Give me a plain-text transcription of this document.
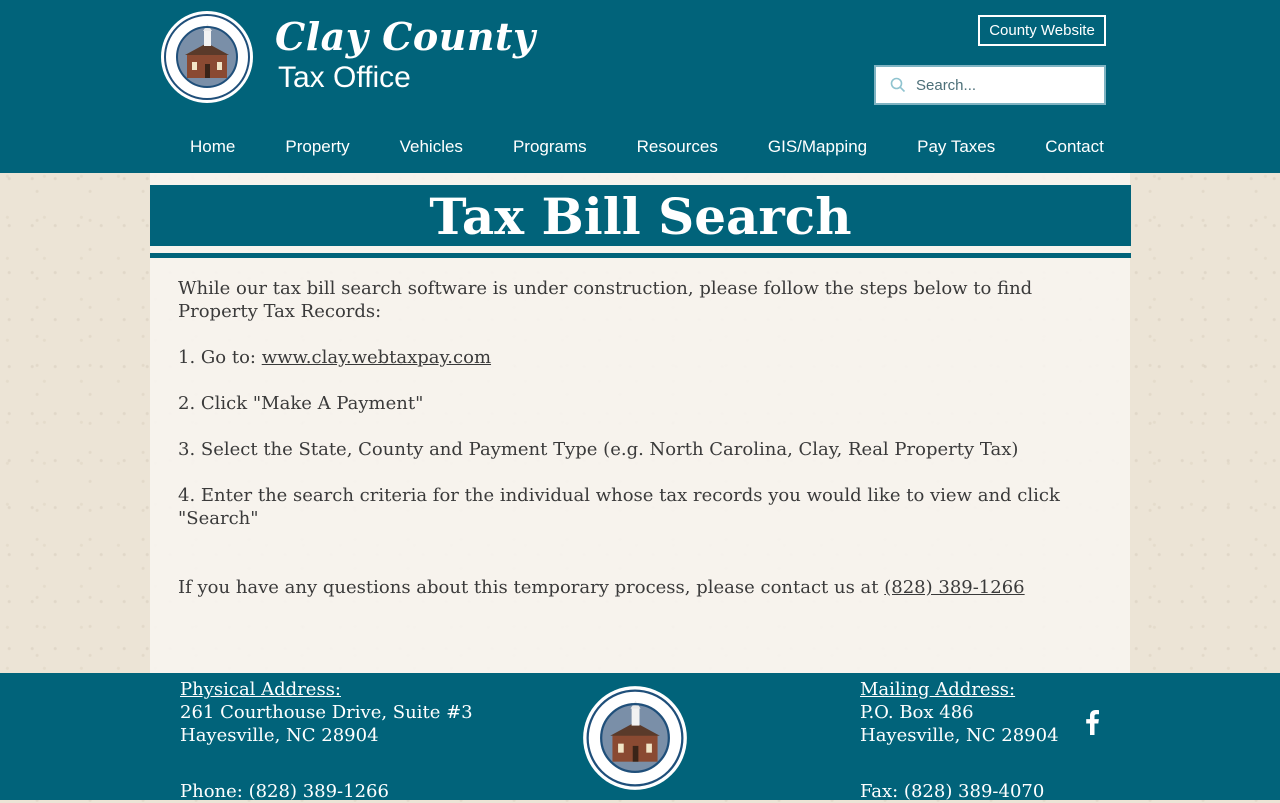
Clay County
Tax Office
County Website
Search...
Home	Property	Vehicles	Programs	Resources	GIS/Mapping	Pay Taxes	Contact
Tax Bill Search

While our tax bill search software is under construction, please follow the steps below to find Property Tax Records:

1. Go to: www.clay.webtaxpay.com

2. Click "Make A Payment"

3. Select the State, County and Payment Type (e.g. North Carolina, Clay, Real Property Tax)

4. Enter the search criteria for the individual whose tax records you would like to view and click "Search"

If you have any questions about this temporary process, please contact us at (828) 389-1266

Physical Address:
261 Courthouse Drive, Suite #3
Hayesville, NC 28904
Phone: (828) 389-1266
Mailing Address:
P.O. Box 486
Hayesville, NC 28904
Fax: (828) 389-4070
